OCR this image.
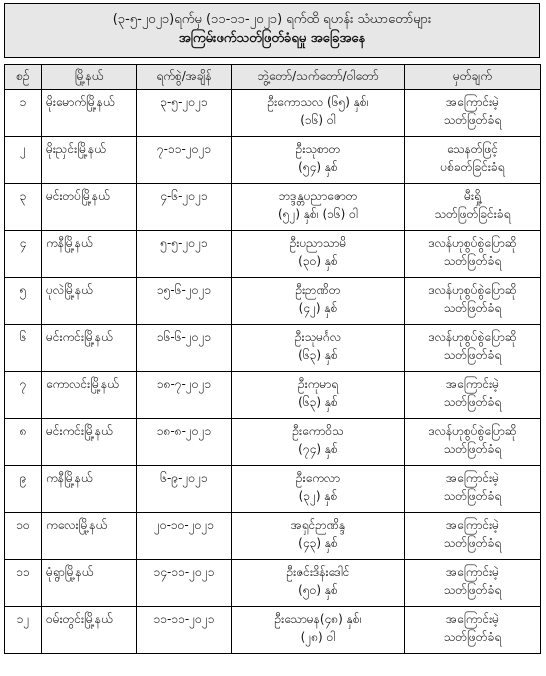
(၃-၅-၂၀၂၁)ရက်မှ (၁၁-၁၁-၂၀၂၁) ရက်ထိ ရဟန်း သံဃာတော်များ
အကြမ်းဖက်သတ်ဖြတ်ခံရမှု အခြေအနေ
စဉ်	မြို့နယ်	ရက်စွဲ/အချိန်	ဘွဲ့တော်/သက်တော်/ဝါတော်	မှတ်ချက်

၁	မိုးမောက်မြို့နယ်	၃-၅-၂၀၂၁	ဦးကောသလ (၆၅) နှစ်၊
(၁၆) ဝါ	အကြောင်းမဲ့
သတ်ဖြတ်ခံရ

၂	မိုးညှင်းမြို့နယ်	၇-၁၁-၂၀၂၁	ဦးသုစာတ
(၅၄) နှစ်	သေနတ်ဖြင့်
ပစ်ခတ်ခြင်းခံရ

၃	မင်းတပ်မြို့နယ်	၄-၆-၂၀၂၁	ဘဒ္ဒန္တပညာဇောတ
(၅၂) နှစ်၊ (၁၆) ဝါ	မီးရှို့
သတ်ဖြတ်ခြင်းခံရ

၄	ကနီမြို့နယ်	၅-၅-၂၀၂၁	ဦးပညာသာမိ
(၃၀) နှစ်	ဒလန်ဟုစွပ်စွဲပြောဆို
သတ်ဖြတ်ခံရ

၅	ပုလဲမြို့နယ်	၁၅-၆-၂၀၂၁	ဦးဉာဏိတ
(၄၂) နှစ်	ဒလန်ဟုစွပ်စွဲပြောဆို
သတ်ဖြတ်ခံရ

၆	မင်းကင်းမြို့နယ်	၁၆-၆-၂၀၂၁	ဦးသုမင်္ဂလ
(၆၃) နှစ်	ဒလန်ဟုစွပ်စွဲပြောဆို
သတ်ဖြတ်ခံရ

၇	ကောလင်းမြို့နယ်	၁၈-၇-၂၀၂၁	ဦးကုမာရ
(၆၃) နှစ်	အကြောင်းမဲ့
သတ်ဖြတ်ခံရ

၈	မင်းကင်းမြို့နယ်	၁၈-၈-၂၀၂၁	ဦးကောဝိသ
(၇၄) နှစ်	ဒလန်ဟုစွပ်စွဲပြောဆို
သတ်ဖြတ်ခံရ

၉	ကနီမြို့နယ်	၆-၉-၂၀၂၁	ဦးကေလာ
(၃၂) နှစ်	အကြောင်းမဲ့
သတ်ဖြတ်ခံရ

၁၀	ကလေးမြို့နယ်	၂၀-၁၀-၂၀၂၁	အရှင်ဉာဏိန္ဒ
(၄၃) နှစ်	အကြောင်းမဲ့
သတ်ဖြတ်ခံရ

၁၁	မုံရွာမြို့နယ်	၁၄-၁၁-၂၀၂၁	ဦးဇင်းဒိန်းဒေါင်
(၅၀) နှစ်	အကြောင်းမဲ့
သတ်ဖြတ်ခံရ

၁၂	ဝမ်းတွင်းမြို့နယ်	၁၁-၁၁-၂၀၂၁	ဦးသောမန(၄၈) နှစ်၊
(၂၈) ဝါ	အကြောင်းမဲ့
သတ်ဖြတ်ခံရ
